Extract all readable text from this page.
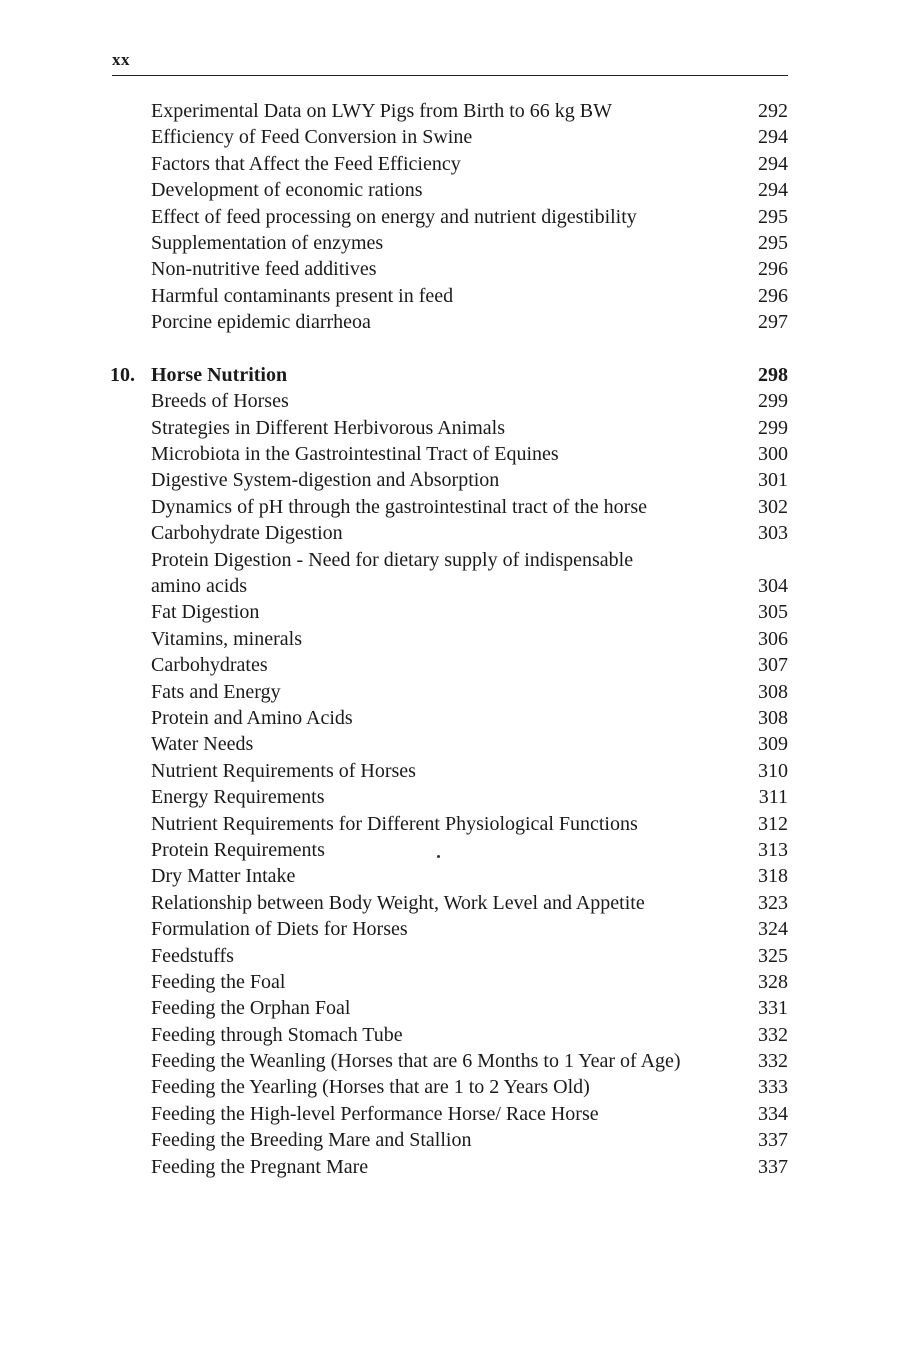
xx
Experimental Data on LWY Pigs from Birth to 66 kg BW	292
Efficiency of Feed Conversion in Swine	294
Factors that Affect the Feed Efficiency	294
Development of economic rations	294
Effect of feed processing on energy and nutrient digestibility	295
Supplementation of enzymes	295
Non-nutritive feed additives	296
Harmful contaminants present in feed	296
Porcine epidemic diarrheoa	297
10. Horse Nutrition	298
Breeds of Horses	299
Strategies in Different Herbivorous Animals	299
Microbiota in the Gastrointestinal Tract of Equines	300
Digestive System-digestion and Absorption	301
Dynamics of pH through the gastrointestinal tract of the horse	302
Carbohydrate Digestion	303
Protein Digestion - Need for dietary supply of indispensable
amino acids	304
Fat Digestion	305
Vitamins, minerals	306
Carbohydrates	307
Fats and Energy	308
Protein and Amino Acids	308
Water Needs	309
Nutrient Requirements of Horses	310
Energy Requirements	311
Nutrient Requirements for Different Physiological Functions	312
Protein Requirements	313
Dry Matter Intake	318
Relationship between Body Weight, Work Level and Appetite	323
Formulation of Diets for Horses	324
Feedstuffs	325
Feeding the Foal	328
Feeding the Orphan Foal	331
Feeding through Stomach Tube	332
Feeding the Weanling (Horses that are 6 Months to 1 Year of Age)	332
Feeding the Yearling (Horses that are 1 to 2 Years Old)	333
Feeding the High-level Performance Horse/ Race Horse	334
Feeding the Breeding Mare and Stallion	337
Feeding the Pregnant Mare	337
